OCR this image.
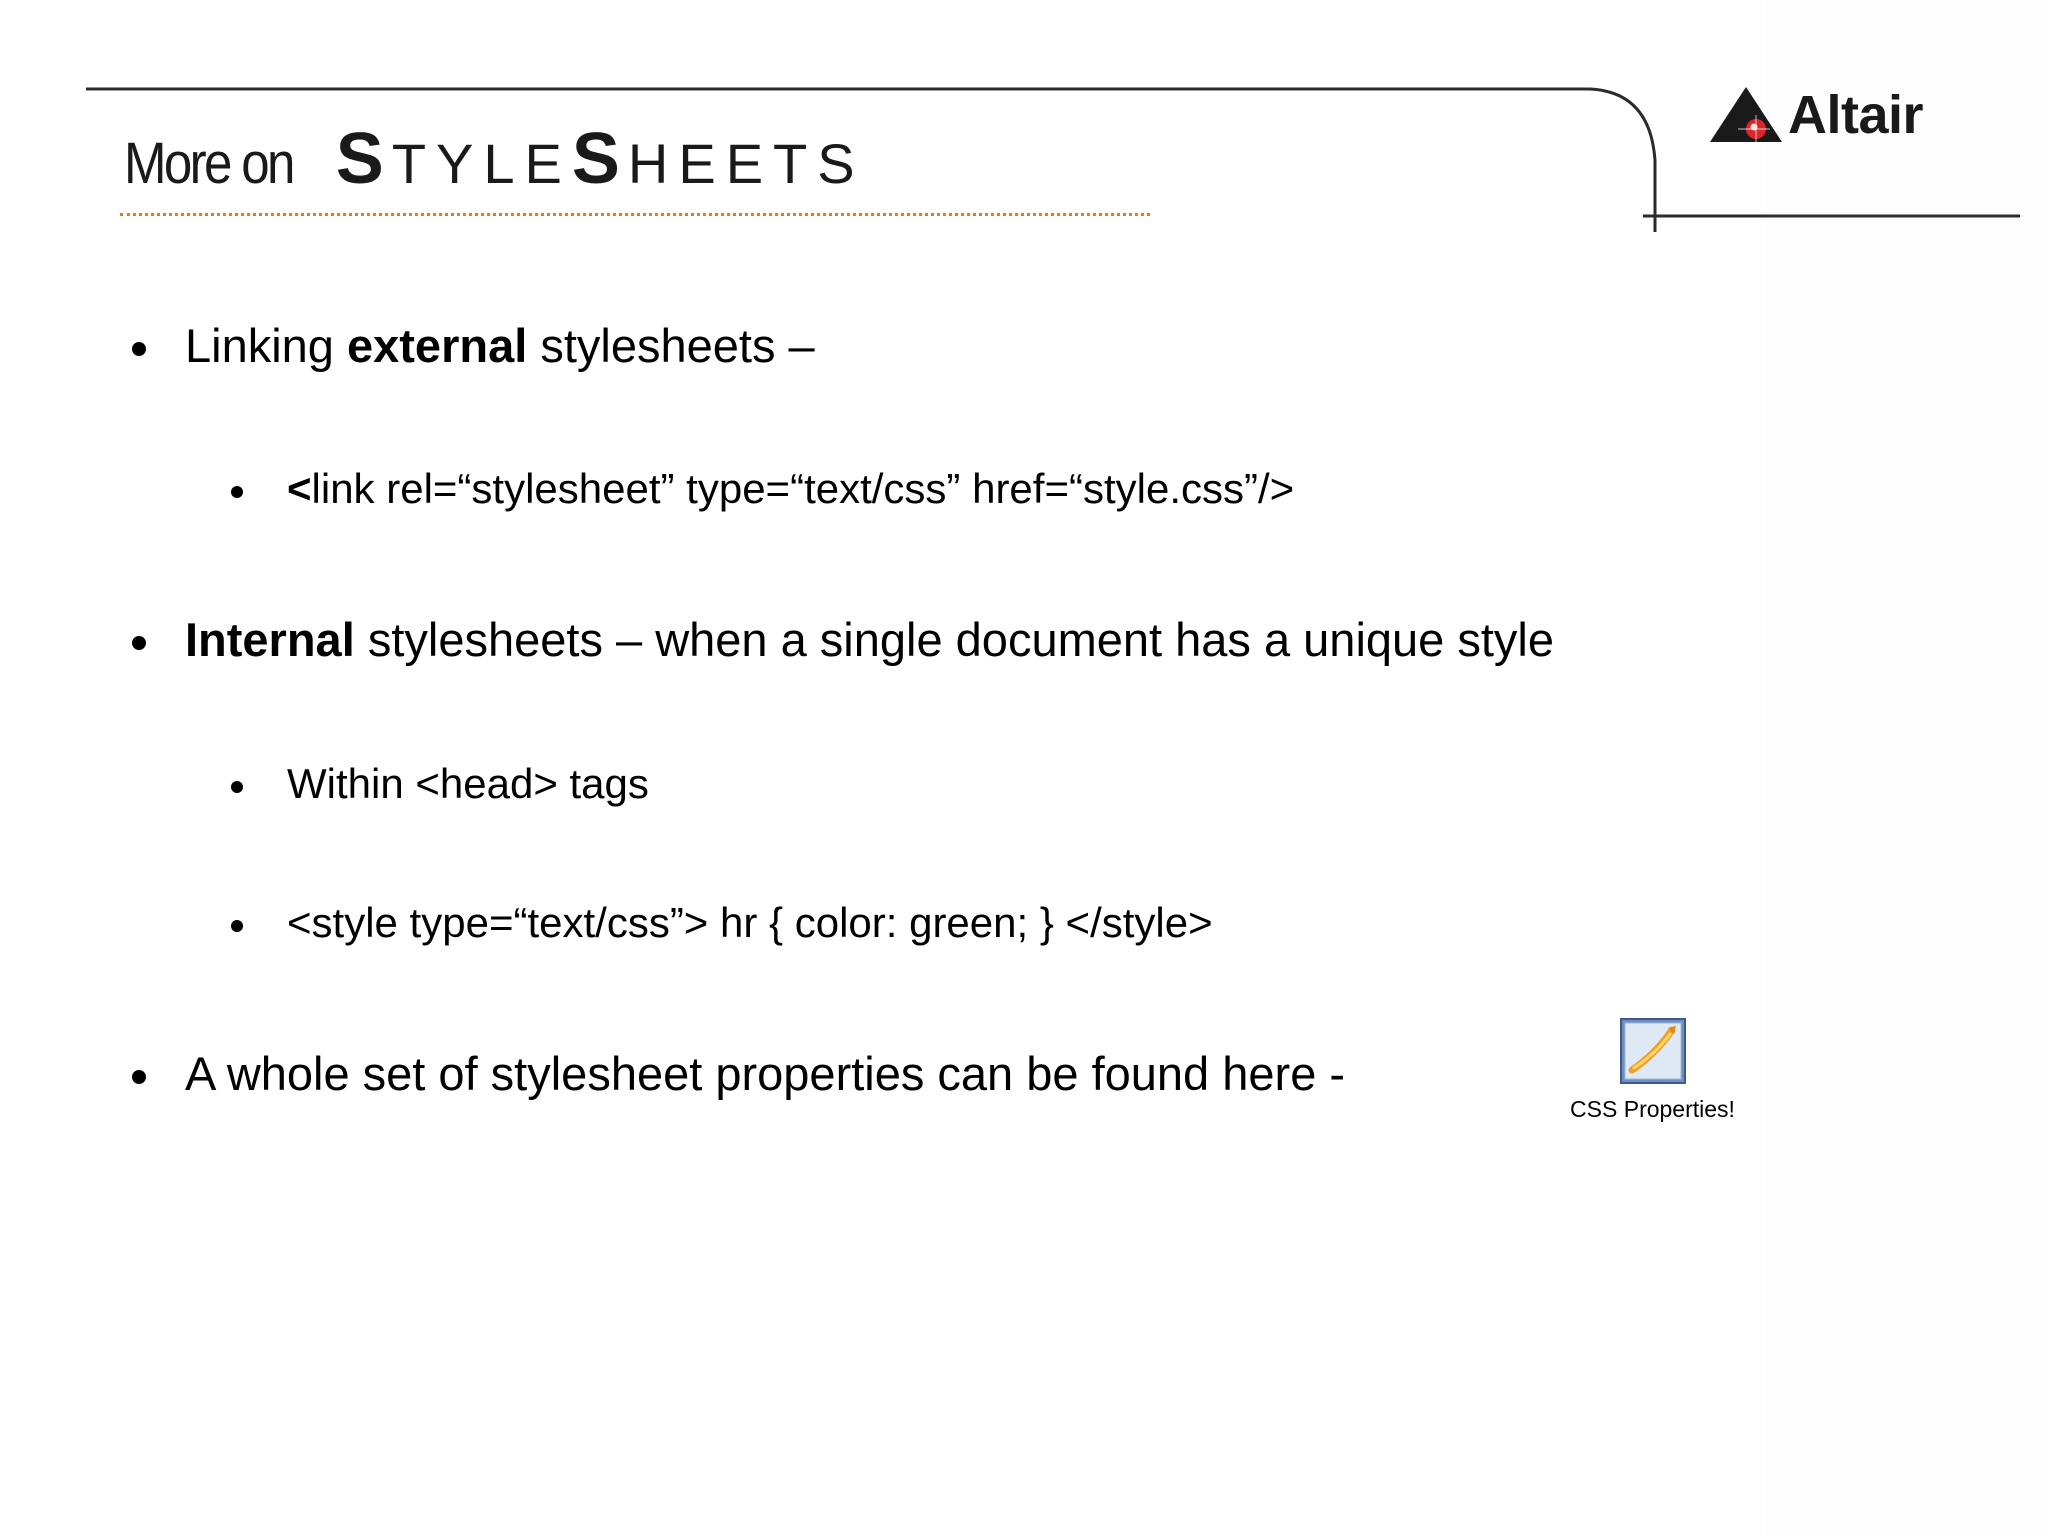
More on STYLESHEETS
Altair
Linking external stylesheets –
<link rel=“stylesheet” type=“text/css” href=“style.css”/>
Internal stylesheets – when a single document has a unique style
Within <head> tags
<style type=“text/css”> hr { color: green; } </style>
A whole set of stylesheet properties can be found here -
CSS Properties!
